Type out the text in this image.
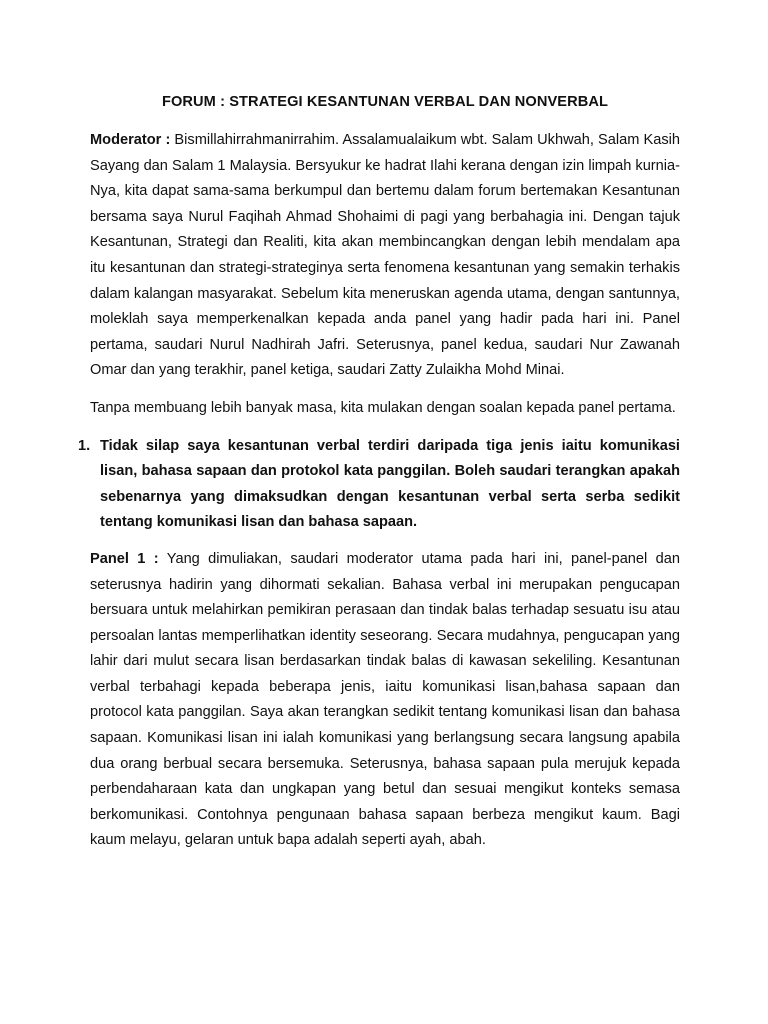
FORUM : STRATEGI KESANTUNAN VERBAL DAN NONVERBAL

Moderator : Bismillahirrahmanirrahim. Assalamualaikum wbt. Salam Ukhwah, Salam Kasih Sayang dan Salam 1 Malaysia. Bersyukur ke hadrat Ilahi kerana dengan izin limpah kurnia-Nya, kita dapat sama-sama berkumpul dan bertemu dalam forum bertemakan Kesantunan bersama saya Nurul Faqihah Ahmad Shohaimi di pagi yang berbahagia ini. Dengan tajuk Kesantunan, Strategi dan Realiti, kita akan membincangkan dengan lebih mendalam apa itu kesantunan dan strategi-strateginya serta fenomena kesantunan yang semakin terhakis dalam kalangan masyarakat. Sebelum kita meneruskan agenda utama, dengan santunnya, moleklah saya memperkenalkan kepada anda panel yang hadir pada hari ini. Panel pertama, saudari Nurul Nadhirah Jafri. Seterusnya, panel kedua, saudari Nur Zawanah Omar dan yang terakhir, panel ketiga, saudari Zatty Zulaikha Mohd Minai.

Tanpa membuang lebih banyak masa, kita mulakan dengan soalan kepada panel pertama.

1. Tidak silap saya kesantunan verbal terdiri daripada tiga jenis iaitu komunikasi lisan, bahasa sapaan dan protokol kata panggilan. Boleh saudari terangkan apakah sebenarnya yang dimaksudkan dengan kesantunan verbal serta serba sedikit tentang komunikasi lisan dan bahasa sapaan.

Panel 1 : Yang dimuliakan, saudari moderator utama pada hari ini, panel-panel dan seterusnya hadirin yang dihormati sekalian. Bahasa verbal ini merupakan pengucapan bersuara untuk melahirkan pemikiran perasaan dan tindak balas terhadap sesuatu isu atau persoalan lantas memperlihatkan identity seseorang. Secara mudahnya, pengucapan yang lahir dari mulut secara lisan berdasarkan tindak balas di kawasan sekeliling. Kesantunan verbal terbahagi kepada beberapa jenis, iaitu komunikasi lisan,bahasa sapaan dan protocol kata panggilan. Saya akan terangkan sedikit tentang komunikasi lisan dan bahasa sapaan. Komunikasi lisan ini ialah komunikasi yang berlangsung secara langsung apabila dua orang berbual secara bersemuka. Seterusnya, bahasa sapaan pula merujuk kepada perbendaharaan kata dan ungkapan yang betul dan sesuai mengikut konteks semasa berkomunikasi. Contohnya pengunaan bahasa sapaan berbeza mengikut kaum. Bagi kaum melayu, gelaran untuk bapa adalah seperti ayah, abah.
